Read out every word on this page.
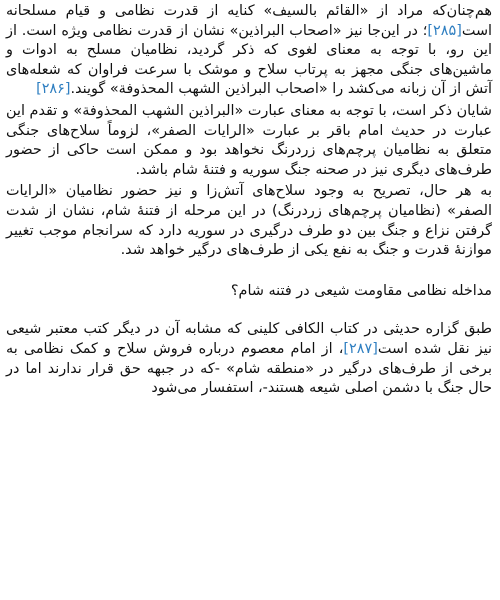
هم‌چنان‌که مراد از «القائم بالسیف» کنایه از قدرت نظامی و قیام مسلحانه است[۲۸۵]؛ در این‌جا نیز «اصحاب البراذین» نشان از قدرت نظامی ویژه است. از این رو، با توجه به معنای لغوی که ذکر گردید، نظامیان مسلح به ادوات و ماشین‌های جنگی مجهز به پرتاب سلاح و موشک با سرعت فراوان که شعله‌های آتش از آن زبانه می‌کشد را «اصحاب البراذین الشهب المحذوفة» گویند.[۲۸۶]

شایان ذکر است، با توجه به معنای عبارت «البراذین الشهب المحذوفة» و تقدم این عبارت در حدیث امام باقر بر عبارت «الرایات الصفر»، لزوماً سلاح‌های جنگی متعلق به نظامیان پرچم‌های زردرنگ نخواهد بود و ممکن است حاکی از حضور طرف‌های دیگری نیز در صحنه جنگ سوریه و فتنهٔ شام باشد.

به هر حال، تصریح به وجود سلاح‌های آتش‌زا و نیز حضور نظامیان «الرایات الصفر» (نظامیان پرچم‌های زردرنگ) در این مرحله از فتنهٔ شام، نشان از شدت گرفتن نزاع و جنگ بین دو طرف درگیری در سوریه دارد که سرانجام موجب تغییر موازنهٔ قدرت و جنگ به نفع یکی از طرف‌های درگیر خواهد شد.

مداخله نظامی مقاومت شیعی در فتنه شام؟

طبق گزاره حدیثی در کتاب الکافی کلینی که مشابه آن در دیگر کتب معتبر شیعی نیز نقل شده است[۲۸۷]، از امام معصوم درباره فروش سلاح و کمک نظامی به برخی از طرف‌های درگیر در «منطقه شام» -که در جبهه حق قرار ندارند اما در حال جنگ با دشمن اصلی شیعه هستند-، استفسار می‌شود
